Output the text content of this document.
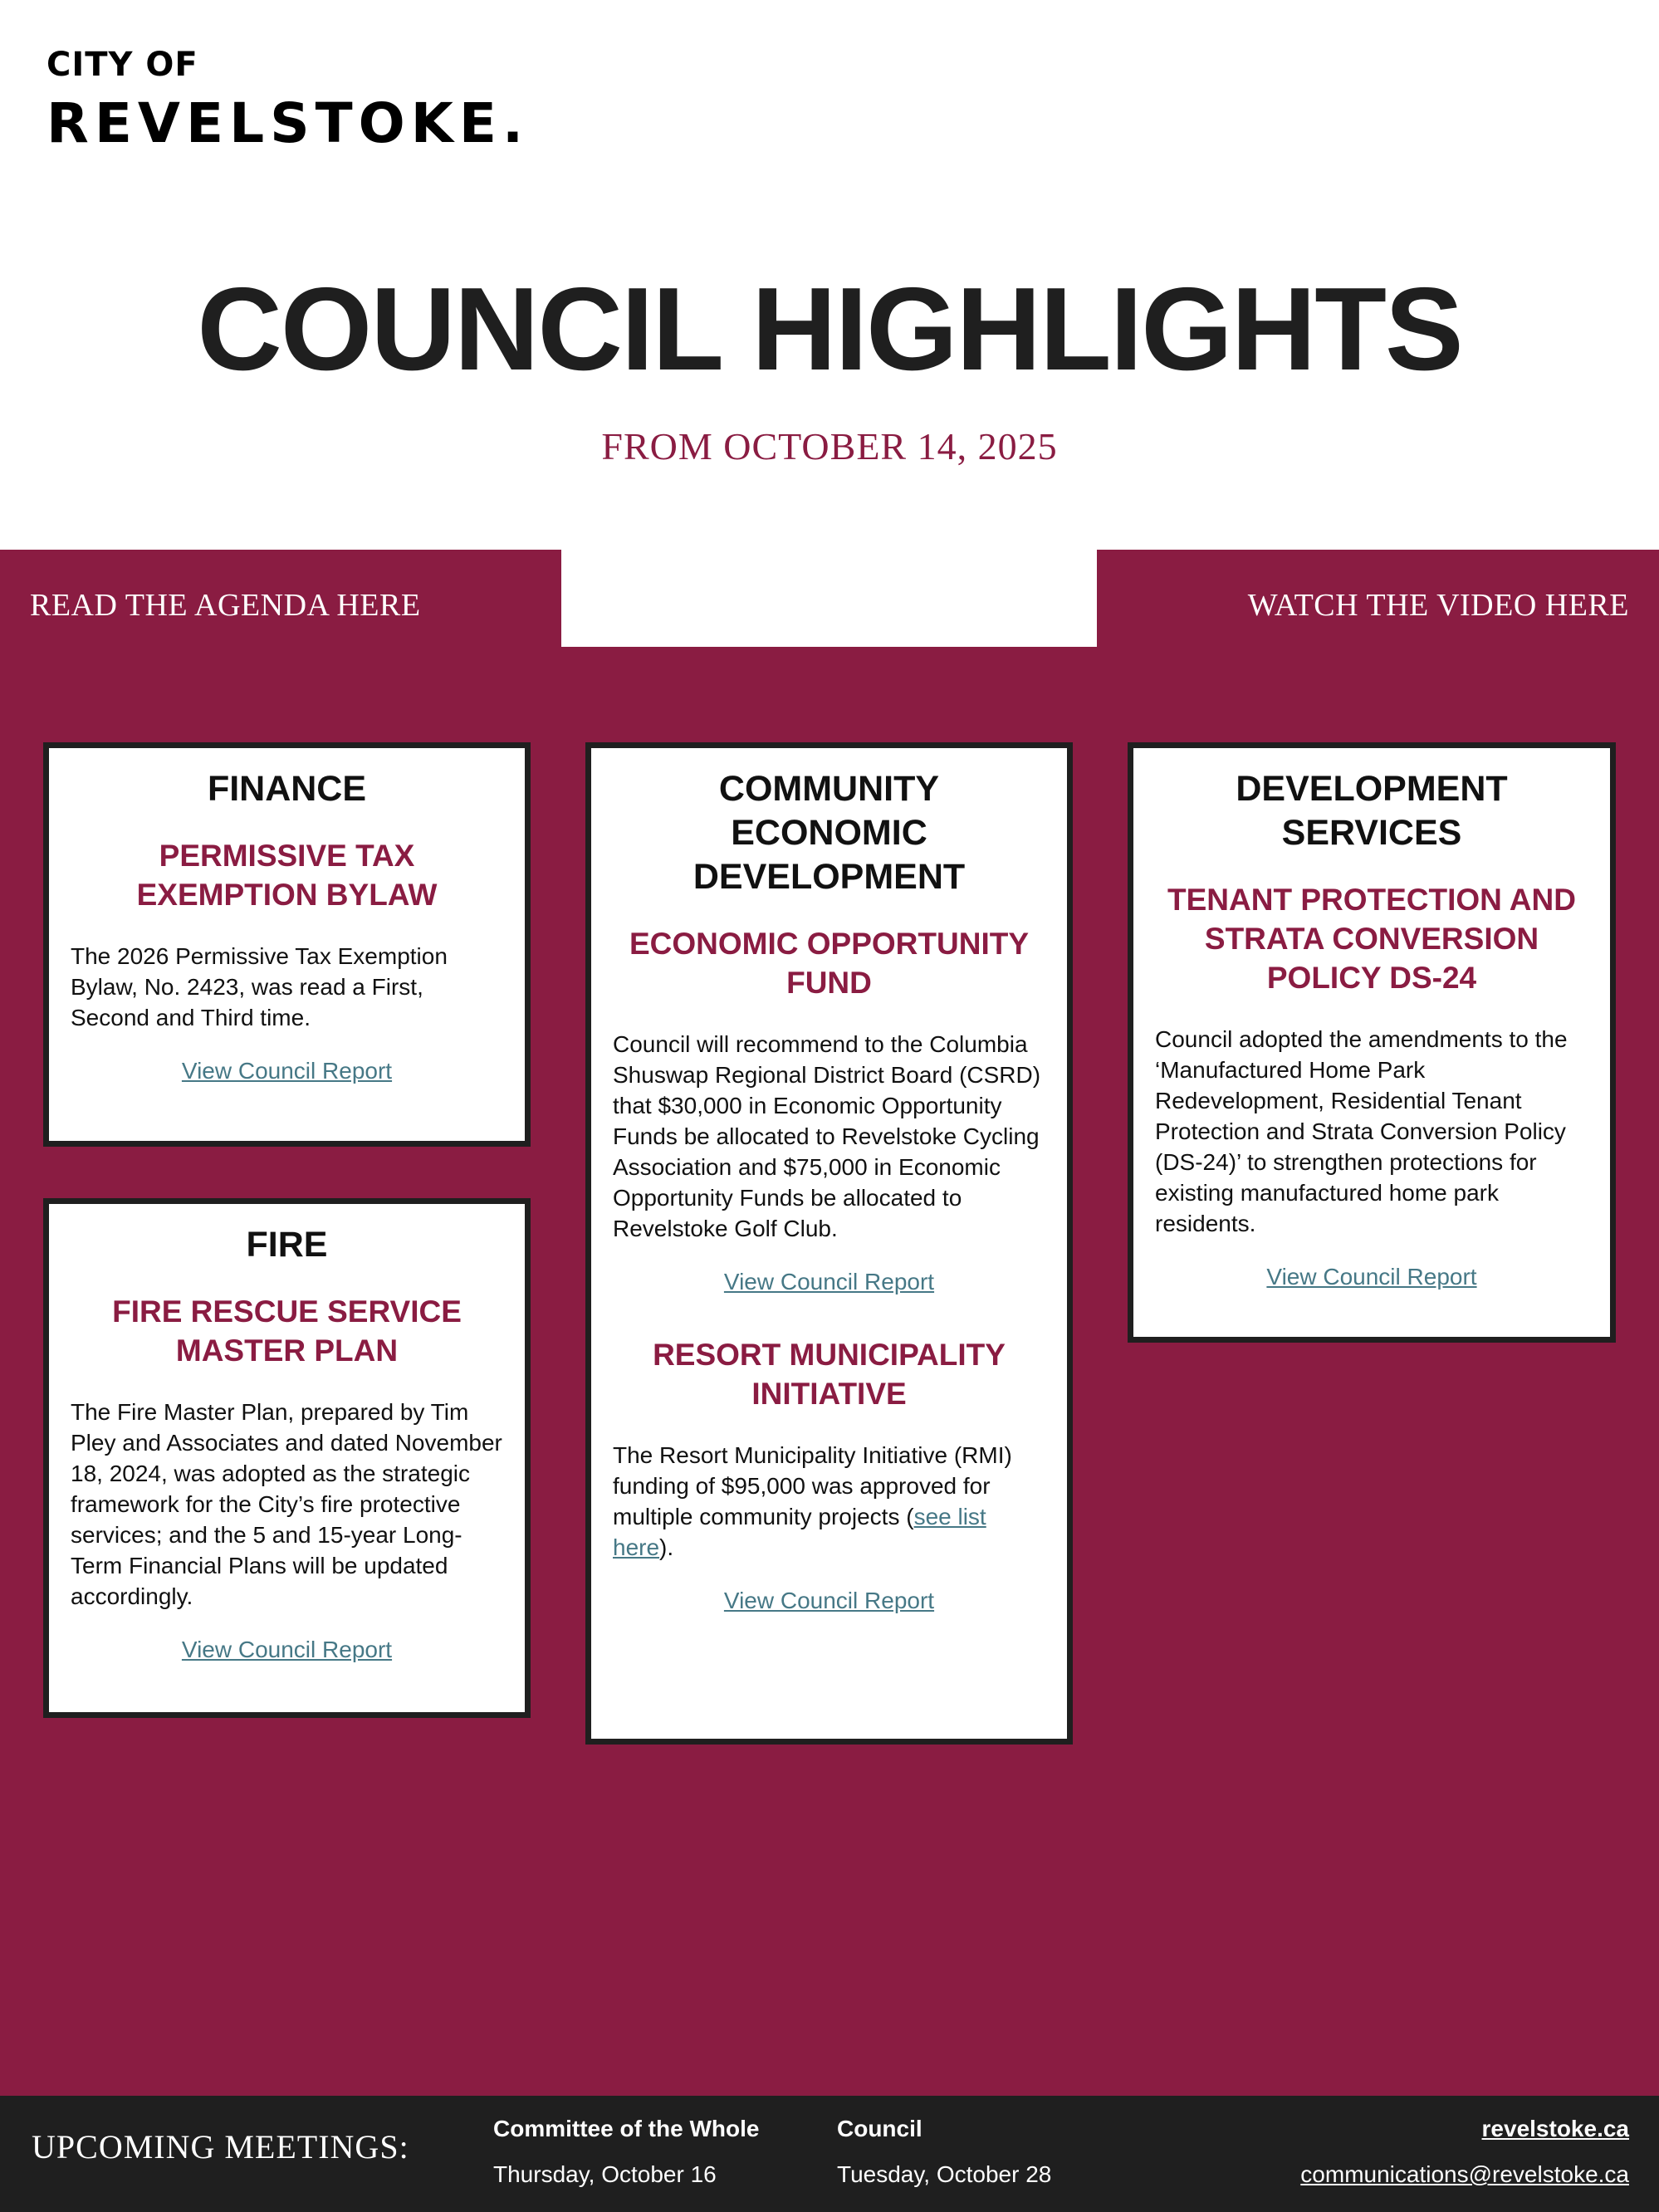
CITY OF
REVELSTOKE.
COUNCIL HIGHLIGHTS
FROM OCTOBER 14, 2025
READ THE AGENDA HERE	WATCH THE VIDEO HERE
FINANCE
PERMISSIVE TAX EXEMPTION BYLAW

The 2026 Permissive Tax Exemption Bylaw, No. 2423, was read a First, Second and Third time.

View Council Report
FIRE
FIRE RESCUE SERVICE MASTER PLAN

The Fire Master Plan, prepared by Tim Pley and Associates and dated November 18, 2024, was adopted as the strategic framework for the City’s fire protective services; and the 5 and 15-year Long-Term Financial Plans will be updated accordingly.

View Council Report
COMMUNITY ECONOMIC DEVELOPMENT
ECONOMIC OPPORTUNITY FUND

Council will recommend to the Columbia Shuswap Regional District Board (CSRD) that $30,000 in Economic Opportunity Funds be allocated to Revelstoke Cycling Association and $75,000 in Economic Opportunity Funds be allocated to Revelstoke Golf Club.

View Council Report
RESORT MUNICIPALITY INITIATIVE

The Resort Municipality Initiative (RMI) funding of $95,000 was approved for multiple community projects (see list here).

View Council Report
DEVELOPMENT SERVICES
TENANT PROTECTION AND STRATA CONVERSION POLICY DS-24

Council adopted the amendments to the ‘Manufactured Home Park Redevelopment, Residential Tenant Protection and Strata Conversion Policy (DS-24)’ to strengthen protections for existing manufactured home park residents.

View Council Report
UPCOMING MEETINGS:	Committee of the Whole
Thursday, October 16
Council
Tuesday, October 28
revelstoke.ca
communications@revelstoke.ca
